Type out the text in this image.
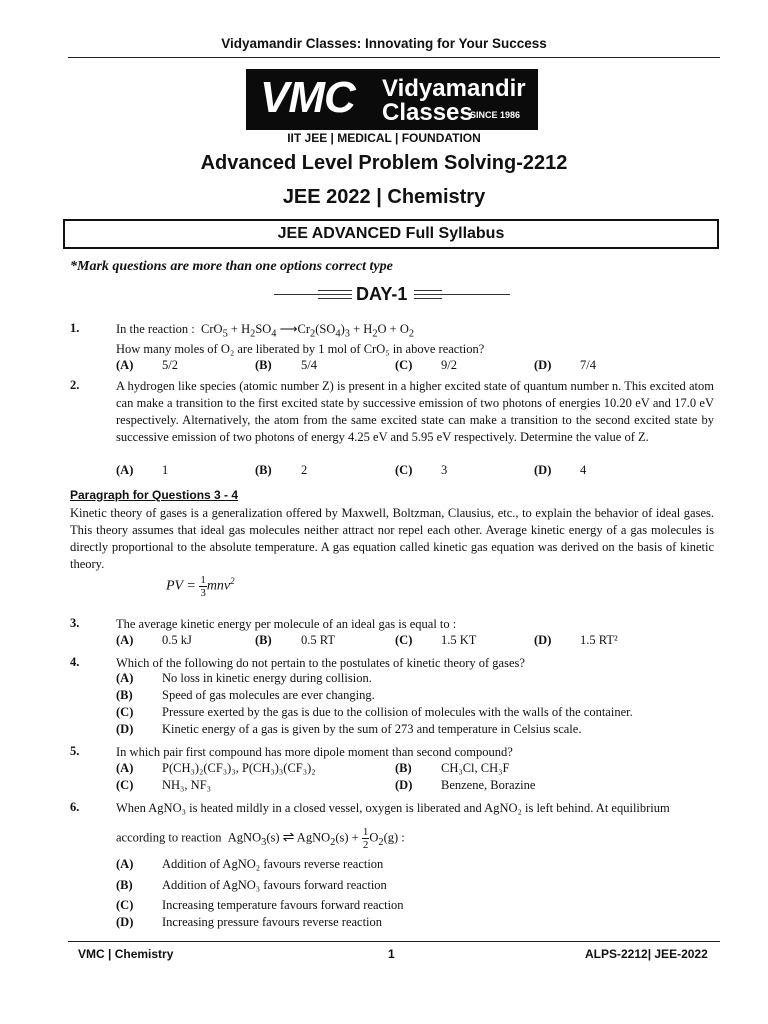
Vidyamandir Classes: Innovating for Your Success
VMC Vidyamandir
Classes
SINCE 1986
IIT JEE | MEDICAL | FOUNDATION
Advanced Level Problem Solving-2212
JEE 2022 | Chemistry
JEE ADVANCED Full Syllabus
*Mark questions are more than one options correct type
DAY-1
1.	In the reaction :  $CrO_5 + H_2SO_4$ $⟶Cr_2(SO_4)_3 + H_2O + O_2$
How many moles of O₂ are liberated by 1 mol of CrO₅ in above reaction?
(A) 5/2	(B) 5/4	(C) 9/2	(D) 7/4
2.	A hydrogen like species (atomic number Z) is present in a higher excited state of quantum number n. This excited atom can make a transition to the first excited state by successive emission of two photons of energies 10.20 eV and 17.0 eV respectively. Alternatively, the atom from the same excited state can make a transition to the second excited state by successive emission of two photons of energy 4.25 eV and 5.95 eV respectively. Determine the value of Z.
(A) 1	(B) 2	(C) 3	(D) 4
Paragraph for Questions 3 - 4
Kinetic theory of gases is a generalization offered by Maxwell, Boltzman, Clausius, etc., to explain the behavior of ideal gases. This theory assumes that ideal gas molecules neither attract nor repel each other. Average kinetic energy of a gas molecules is directly proportional to the absolute temperature. A gas equation called kinetic gas equation was derived on the basis of kinetic theory.
PV = $\frac{1}{3} mnv^2$
3.	The average kinetic energy per molecule of an ideal gas is equal to :
(A) 0.5 kJ	(B) 0.5 RT	(C) 1.5 KT	(D) 1.5 RT²
4.	Which of the following do not pertain to the postulates of kinetic theory of gases?
(A) No loss in kinetic energy during collision.
(B) Speed of gas molecules are ever changing.
(C) Pressure exerted by the gas is due to the collision of molecules with the walls of the container.
(D) Kinetic energy of a gas is given by the sum of 273 and temperature in Celsius scale.
5.	In which pair first compound has more dipole moment than second compound?
(A) P(CH₃)₂(CF₃)₃, P(CH₃)₃(CF₃)₂	(B) CH₃Cl, CH₃F
(C) NH₃, NF₃	(D) Benzene, Borazine
6.	When AgNO₃ is heated mildly in a closed vessel, oxygen is liberated and AgNO₂ is left behind. At equilibrium
according to reaction  AgNO$_3$(s) ⇌ AgNO$_2$(s) + $\frac{1}{2} O_2(g)$ :
(A) Addition of AgNO₂ favours reverse reaction
(B) Addition of AgNO₃ favours forward reaction
(C) Increasing temperature favours forward reaction
(D) Increasing pressure favours reverse reaction
VMC | Chemistry	1	ALPS-2212| JEE-2022
